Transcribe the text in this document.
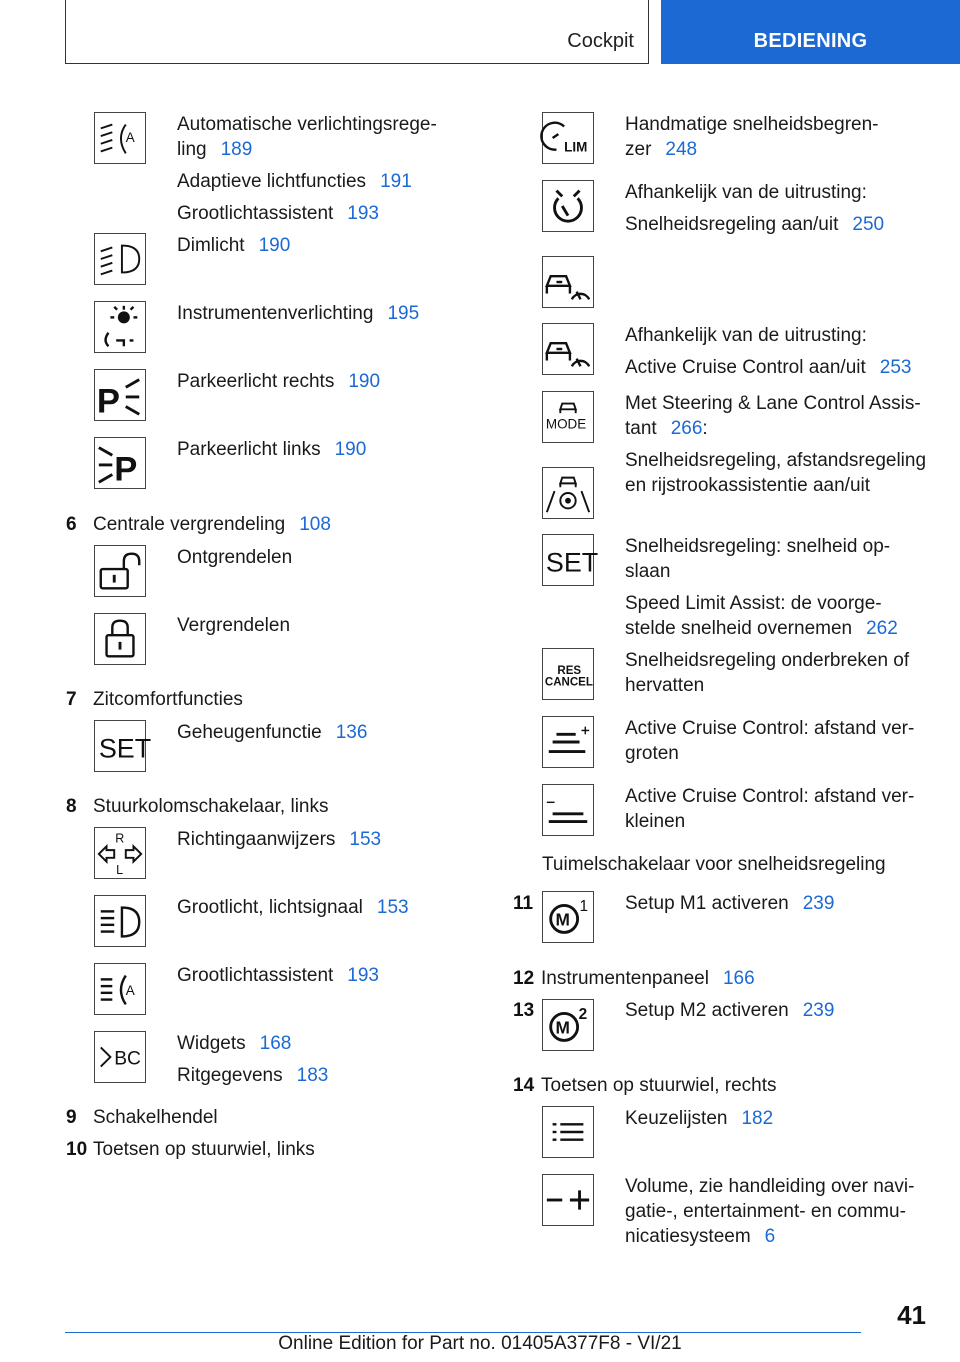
Cockpit	BEDIENING
A
Automatische verlichtingsrege-
ling 189
Adaptieve lichtfuncties 191
Grootlichtassistent 193
Dimlicht 190
Instrumentenverlichting 195
P
Parkeerlicht rechts 190
P
Parkeerlicht links 190
6 Centrale vergrendeling 108
Ontgrendelen
Vergrendelen
7 Zitcomfortfuncties
SET
Geheugenfunctie 136
8 Stuurkolomschakelaar, links
R
L
Richtingaanwijzers 153
Grootlicht, lichtsignaal 153
A
Grootlichtassistent 193
BC
Widgets 168
Ritgegevens 183
9 Schakelhendel
10 Toetsen op stuurwiel, links
LIM
Handmatige snelheidsbegren-
zer 248
Afhankelijk van de uitrusting:
Snelheidsregeling aan/uit 250
Afhankelijk van de uitrusting:
Active Cruise Control aan/uit 253
MODE
Met Steering & Lane Control Assis-
tant 266:
Snelheidsregeling, afstandsregeling
en rijstrookassistentie aan/uit
SET
Snelheidsregeling: snelheid op-
slaan
Speed Limit Assist: de voorge-
stelde snelheid overnemen 262
RES
CANCEL
Snelheidsregeling onderbreken of
hervatten
Active Cruise Control: afstand ver-
groten
Active Cruise Control: afstand ver-
kleinen
Tuimelschakelaar voor snelheidsregeling
11
M
1 Setup M1 activeren 239
12 Instrumentenpaneel 166
13
M
2 Setup M2 activeren 239
14 Toetsen op stuurwiel, rechts
Keuzelijsten 182
Volume, zie handleiding over navi-
gatie-, entertainment- en commu-
nicatiesysteem 6
41
Online Edition for Part no. 01405A377F8 - VI/21
